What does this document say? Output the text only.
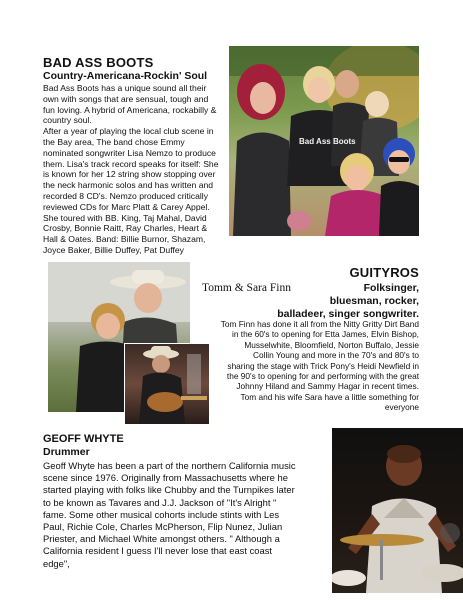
BAD ASS BOOTS
Country-Americana-Rockin' Soul
Bad Ass Boots has a unique sound all their
own with songs that are sensual, tough and
fun loving. A hybrid of Americana, rockabilly &
country soul.
After a year of playing the local club scene in
the Bay area, The band chose Emmy
nominated songwriter Lisa Nemzo to produce
them. Lisa's track record speaks for itself: She
is known for her 12 string show stopping over
the neck harmonic solos and has written and
recorded 8 CD's. Nemzo produced critically
reviewed CDs for Marc Platt & Carey Appel.
She toured with BB. King, Taj Mahal, David
Crosby, Bonnie Raitt, Ray Charles, Heart &
Hall & Oates. Band: Billie Burnor, Shazam,
Joyce Baker, Billie Duffey, Pat Duffey
Bad Ass Boots
GUITYROS
Tomm & Sara Finn	Folksinger,
bluesman, rocker,
balladeer, singer songwriter.
Tom Finn has done it all from the Nitty Gritty Dirt Band
in the 60's to opening for Etta James, Elvin Bishop,
Musselwhite, Bloomfield, Norton Buffalo, Jessie
Collin Young and more in the 70's and 80's to
sharing the stage with Trick Pony's Heidi Newfield in
the 90's to opening for and performing with the great
Johnny Hiland and Sammy Hagar in recent times.
Tom and his wife Sara have a little something for
everyone
GEOFF WHYTE
Drummer
Geoff Whyte has been a part of the northern California music
scene since 1976. Originally from Massachusetts where he
started playing with folks like Chubby and the Turnpikes later
to be known as Tavares and J.J. Jackson of "It's Alright "
fame. Some other musical cohorts include stints with Les
Paul, Richie Cole, Charles McPherson, Flip Nunez, Julian
Priester, and Michael White amongst others. " Although a
California resident I guess I'll never lose that east coast
edge",
